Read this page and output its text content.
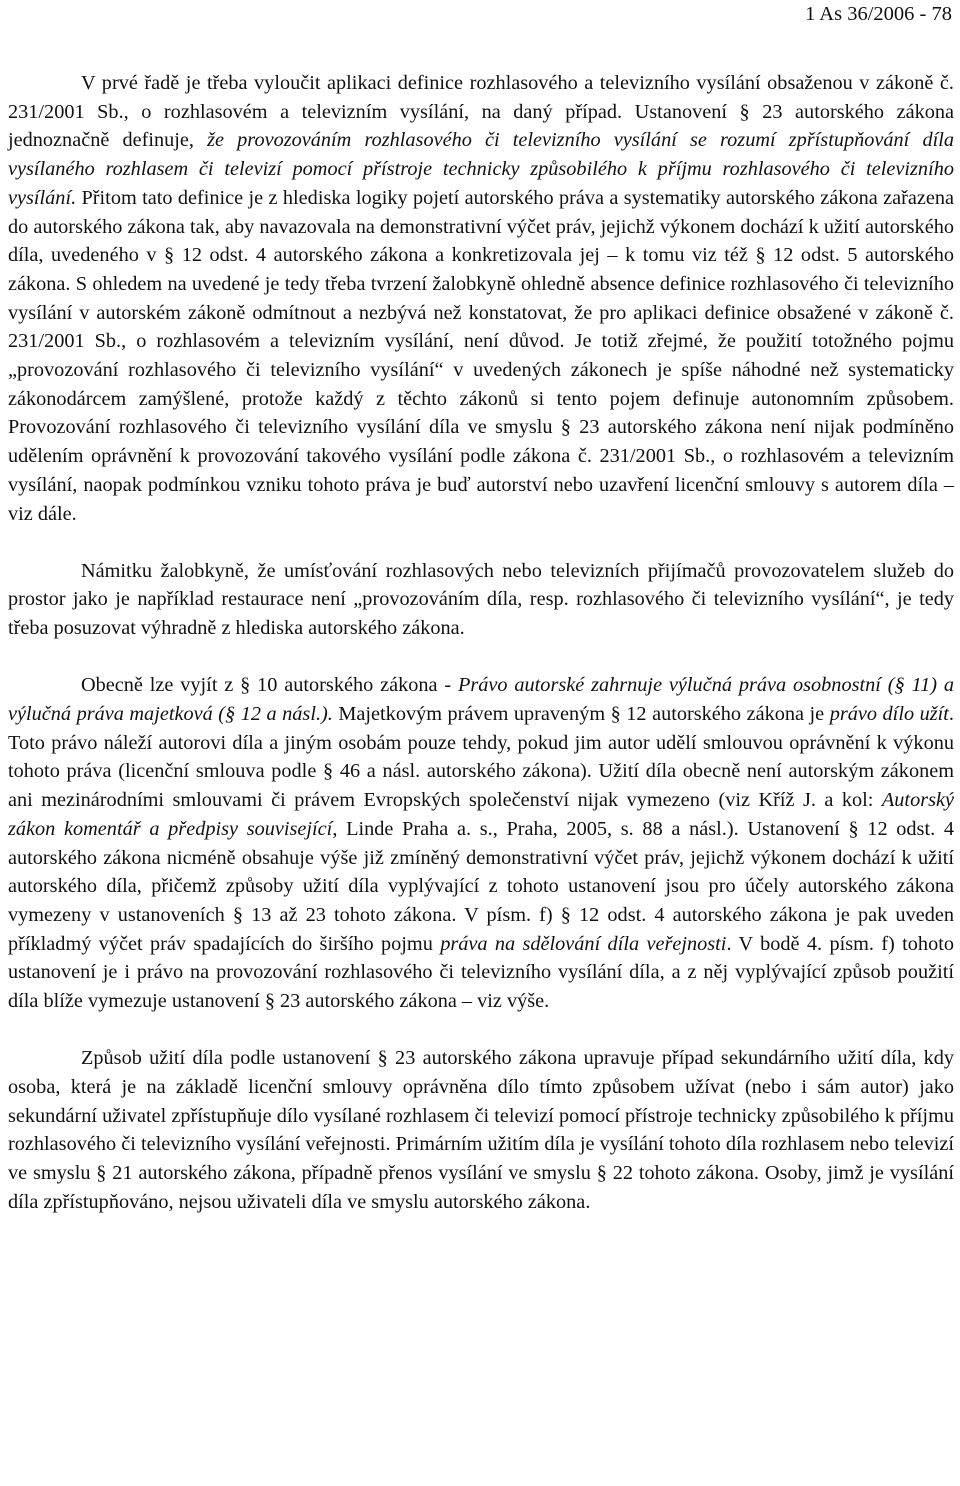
1 As 36/2006 - 78

V prvé řadě je třeba vyloučit aplikaci definice rozhlasového a televizního vysílání obsaženou v zákoně č. 231/2001 Sb., o rozhlasovém a televizním vysílání, na daný případ. Ustanovení § 23 autorského zákona jednoznačně definuje, že provozováním rozhlasového či televizního vysílání se rozumí zpřístupňování díla vysílaného rozhlasem či televizí pomocí přístroje technicky způsobilého k příjmu rozhlasového či televizního vysílání. Přitom tato definice je z hlediska logiky pojetí autorského práva a systematiky autorského zákona zařazena do autorského zákona tak, aby navazovala na demonstrativní výčet práv, jejichž výkonem dochází k užití autorského díla, uvedeného v § 12 odst. 4 autorského zákona a konkretizovala jej – k tomu viz též § 12 odst. 5 autorského zákona. S ohledem na uvedené je tedy třeba tvrzení žalobkyně ohledně absence definice rozhlasového či televizního vysílání v autorském zákoně odmítnout a nezbývá než konstatovat, že pro aplikaci definice obsažené v zákoně č. 231/2001 Sb., o rozhlasovém a televizním vysílání, není důvod. Je totiž zřejmé, že použití totožného pojmu „provozování rozhlasového či televizního vysílání“ v uvedených zákonech je spíše náhodné než systematicky zákonodárcem zamýšlené, protože každý z těchto zákonů si tento pojem definuje autonomním způsobem. Provozování rozhlasového či televizního vysílání díla ve smyslu § 23 autorského zákona není nijak podmíněno udělením oprávnění k provozování takového vysílání podle zákona č. 231/2001 Sb., o rozhlasovém a televizním vysílání, naopak podmínkou vzniku tohoto práva je buď autorství nebo uzavření licenční smlouvy s autorem díla – viz dále.

Námitku žalobkyně, že umísťování rozhlasových nebo televizních přijímačů provozovatelem služeb do prostor jako je například restaurace není „provozováním díla, resp. rozhlasového či televizního vysílání“, je tedy třeba posuzovat výhradně z hlediska autorského zákona.

Obecně lze vyjít z § 10 autorského zákona - Právo autorské zahrnuje výlučná práva osobnostní (§ 11) a výlučná práva majetková (§ 12 a násl.). Majetkovým právem upraveným § 12 autorského zákona je právo dílo užít. Toto právo náleží autorovi díla a jiným osobám pouze tehdy, pokud jim autor udělí smlouvou oprávnění k výkonu tohoto práva (licenční smlouva podle § 46 a násl. autorského zákona). Užití díla obecně není autorským zákonem ani mezinárodními smlouvami či právem Evropských společenství nijak vymezeno (viz Kříž J. a kol: Autorský zákon komentář a předpisy související, Linde Praha a. s., Praha, 2005, s. 88 a násl.). Ustanovení § 12 odst. 4 autorského zákona nicméně obsahuje výše již zmíněný demonstrativní výčet práv, jejichž výkonem dochází k užití autorského díla, přičemž způsoby užití díla vyplývající z tohoto ustanovení jsou pro účely autorského zákona vymezeny v ustanoveních § 13 až 23 tohoto zákona. V písm. f) § 12 odst. 4 autorského zákona je pak uveden příkladmý výčet práv spadajících do širšího pojmu práva na sdělování díla veřejnosti. V bodě 4. písm. f) tohoto ustanovení je i právo na provozování rozhlasového či televizního vysílání díla, a z něj vyplývající způsob použití díla blíže vymezuje ustanovení § 23 autorského zákona – viz výše.

Způsob užití díla podle ustanovení § 23 autorského zákona upravuje případ sekundárního užití díla, kdy osoba, která je na základě licenční smlouvy oprávněna dílo tímto způsobem užívat (nebo i sám autor) jako sekundární uživatel zpřístupňuje dílo vysílané rozhlasem či televizí pomocí přístroje technicky způsobilého k příjmu rozhlasového či televizního vysílání veřejnosti. Primárním užitím díla je vysílání tohoto díla rozhlasem nebo televizí ve smyslu § 21 autorského zákona, případně přenos vysílání ve smyslu § 22 tohoto zákona. Osoby, jimž je vysílání díla zpřístupňováno, nejsou uživateli díla ve smyslu autorského zákona.
